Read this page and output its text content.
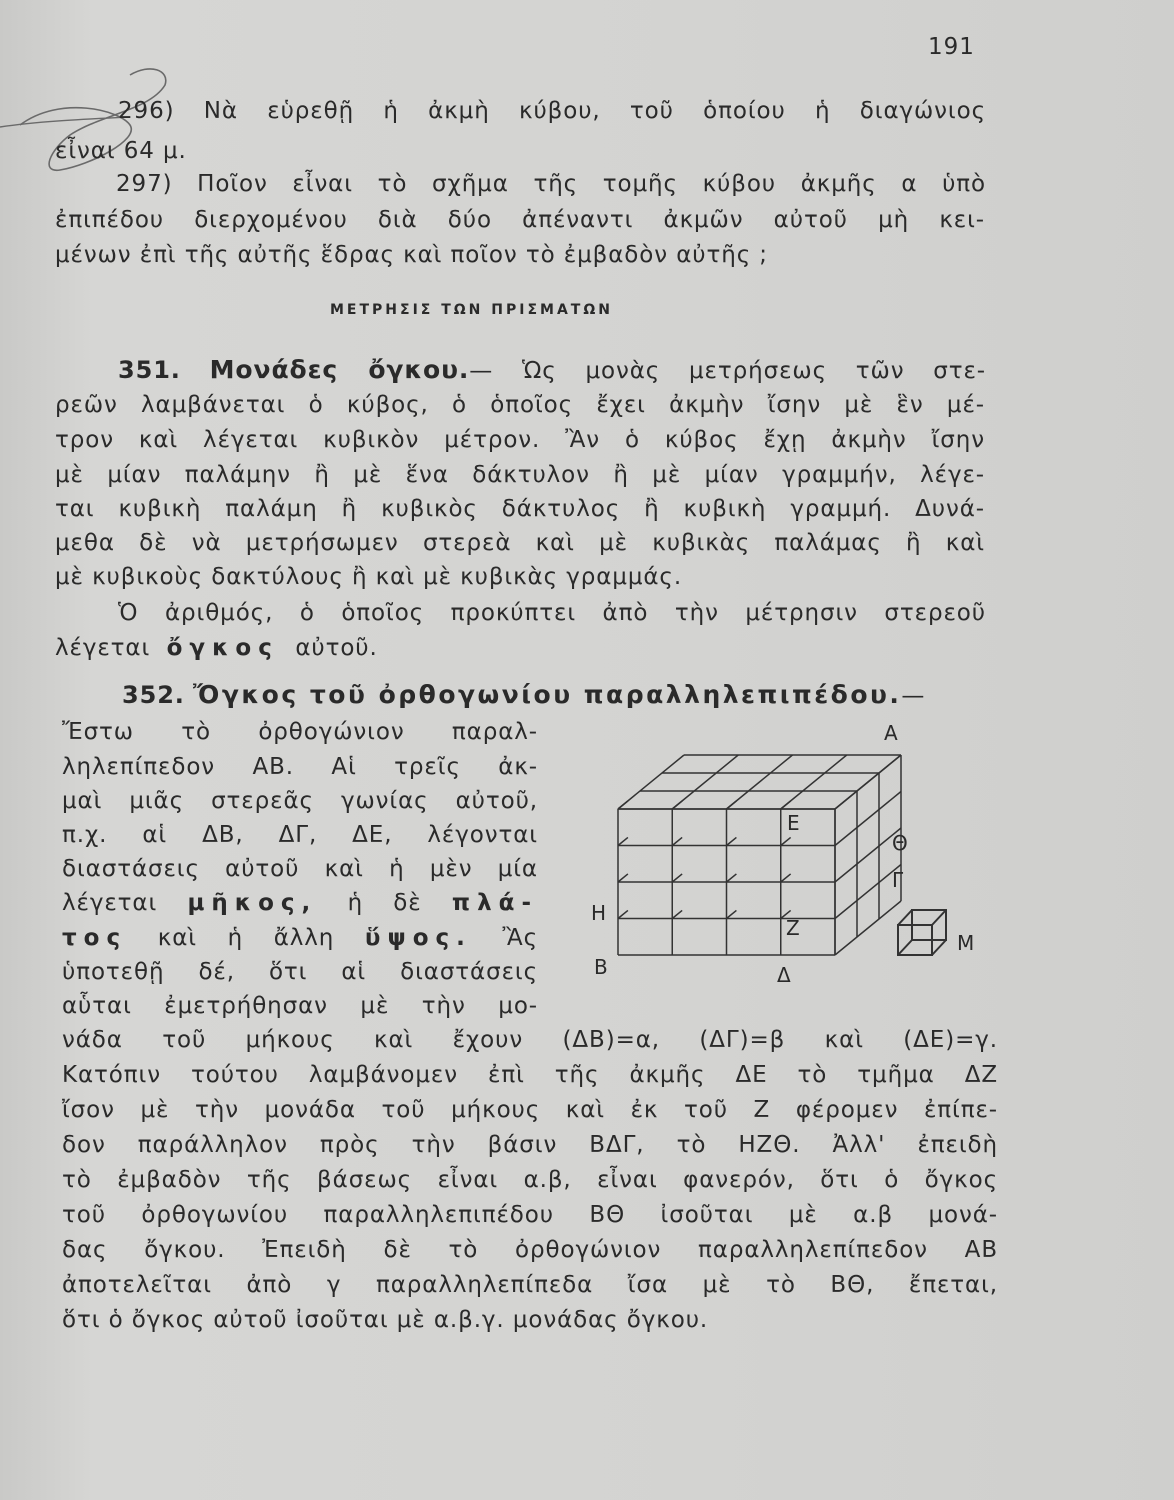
191
296) Νὰ εὑρεθῇ ἡ ἀκμὴ κύβου, τοῦ ὁποίου ἡ διαγώνιος
εἶναι 64 μ.
297) Ποῖον εἶναι τὸ σχῆμα τῆς τομῆς κύβου ἀκμῆς α ὑπὸ
ἐπιπέδου διερχομένου διὰ δύο ἀπέναντι ἀκμῶν αὐτοῦ μὴ κει-
μένων ἐπὶ τῆς αὐτῆς ἕδρας καὶ ποῖον τὸ ἐμβαδὸν αὐτῆς ;
ΜΕΤΡΗΣΙΣ ΤΩΝ ΠΡΙΣΜΑΤΩΝ
351. Μονάδες ὄγκου.— Ὡς μονὰς μετρήσεως τῶν στε-
ρεῶν λαμβάνεται ὁ κύβος, ὁ ὁποῖος ἔχει ἀκμὴν ἴσην μὲ ἓν μέ-
τρον καὶ λέγεται κυβικὸν μέτρον. Ἂν ὁ κύβος ἔχῃ ἀκμὴν ἴσην
μὲ μίαν παλάμην ἢ μὲ ἕνα δάκτυλον ἢ μὲ μίαν γραμμήν, λέγε-
ται κυβικὴ παλάμη ἢ κυβικὸς δάκτυλος ἢ κυβικὴ γραμμή. Δυνά-
μεθα δὲ νὰ μετρήσωμεν στερεὰ καὶ μὲ κυβικὰς παλάμας ἢ καὶ
μὲ κυβικοὺς δακτύλους ἢ καὶ μὲ κυβικὰς γραμμάς.
Ὁ ἀριθμός, ὁ ὁποῖος προκύπτει ἀπὸ τὴν μέτρησιν στερεοῦ
λέγεται ὄγκος αὐτοῦ.
352. Ὄγκος τοῦ ὀρθογωνίου παραλληλεπιπέδου.—
Ἔστω τὸ ὀρθογώνιον παραλ-
ληλεπίπεδον ΑΒ. Αἱ τρεῖς ἀκ-
μαὶ μιᾶς στερεᾶς γωνίας αὐτοῦ,
π.χ. αἱ ΔΒ, ΔΓ, ΔΕ, λέγονται
διαστάσεις αὐτοῦ καὶ ἡ μὲν μία
λέγεται μῆκος, ἡ δὲ πλά-
τος καὶ ἡ ἄλλη ὕψος. Ἂς
ὑποτεθῇ δέ, ὅτι αἱ διαστάσεις
αὗται ἐμετρήθησαν μὲ τὴν μο-
νάδα τοῦ μήκους καὶ ἔχουν (ΔΒ)=α, (ΔΓ)=β καὶ (ΔΕ)=γ.
Κατόπιν τούτου λαμβάνομεν ἐπὶ τῆς ἀκμῆς ΔΕ τὸ τμῆμα ΔΖ
ἴσον μὲ τὴν μονάδα τοῦ μήκους καὶ ἐκ τοῦ Ζ φέρομεν ἐπίπε-
δον παράλληλον πρὸς τὴν βάσιν ΒΔΓ, τὸ ΗΖΘ. Ἀλλ' ἐπειδὴ
τὸ ἐμβαδὸν τῆς βάσεως εἶναι α.β, εἶναι φανερόν, ὅτι ὁ ὄγκος
τοῦ ὀρθογωνίου παραλληλεπιπέδου ΒΘ ἰσοῦται μὲ α.β μονά-
δας ὄγκου. Ἐπειδὴ δὲ τὸ ὀρθογώνιον παραλληλεπίπεδον ΑΒ
ἀποτελεῖται ἀπὸ γ παραλληλεπίπεδα ἴσα μὲ τὸ ΒΘ, ἔπεται,
ὅτι ὁ ὄγκος αὐτοῦ ἰσοῦται μὲ α.β.γ. μονάδας ὄγκου.
Α
Ε
Θ
Γ
Η
Ζ
Β	Δ
Μ
